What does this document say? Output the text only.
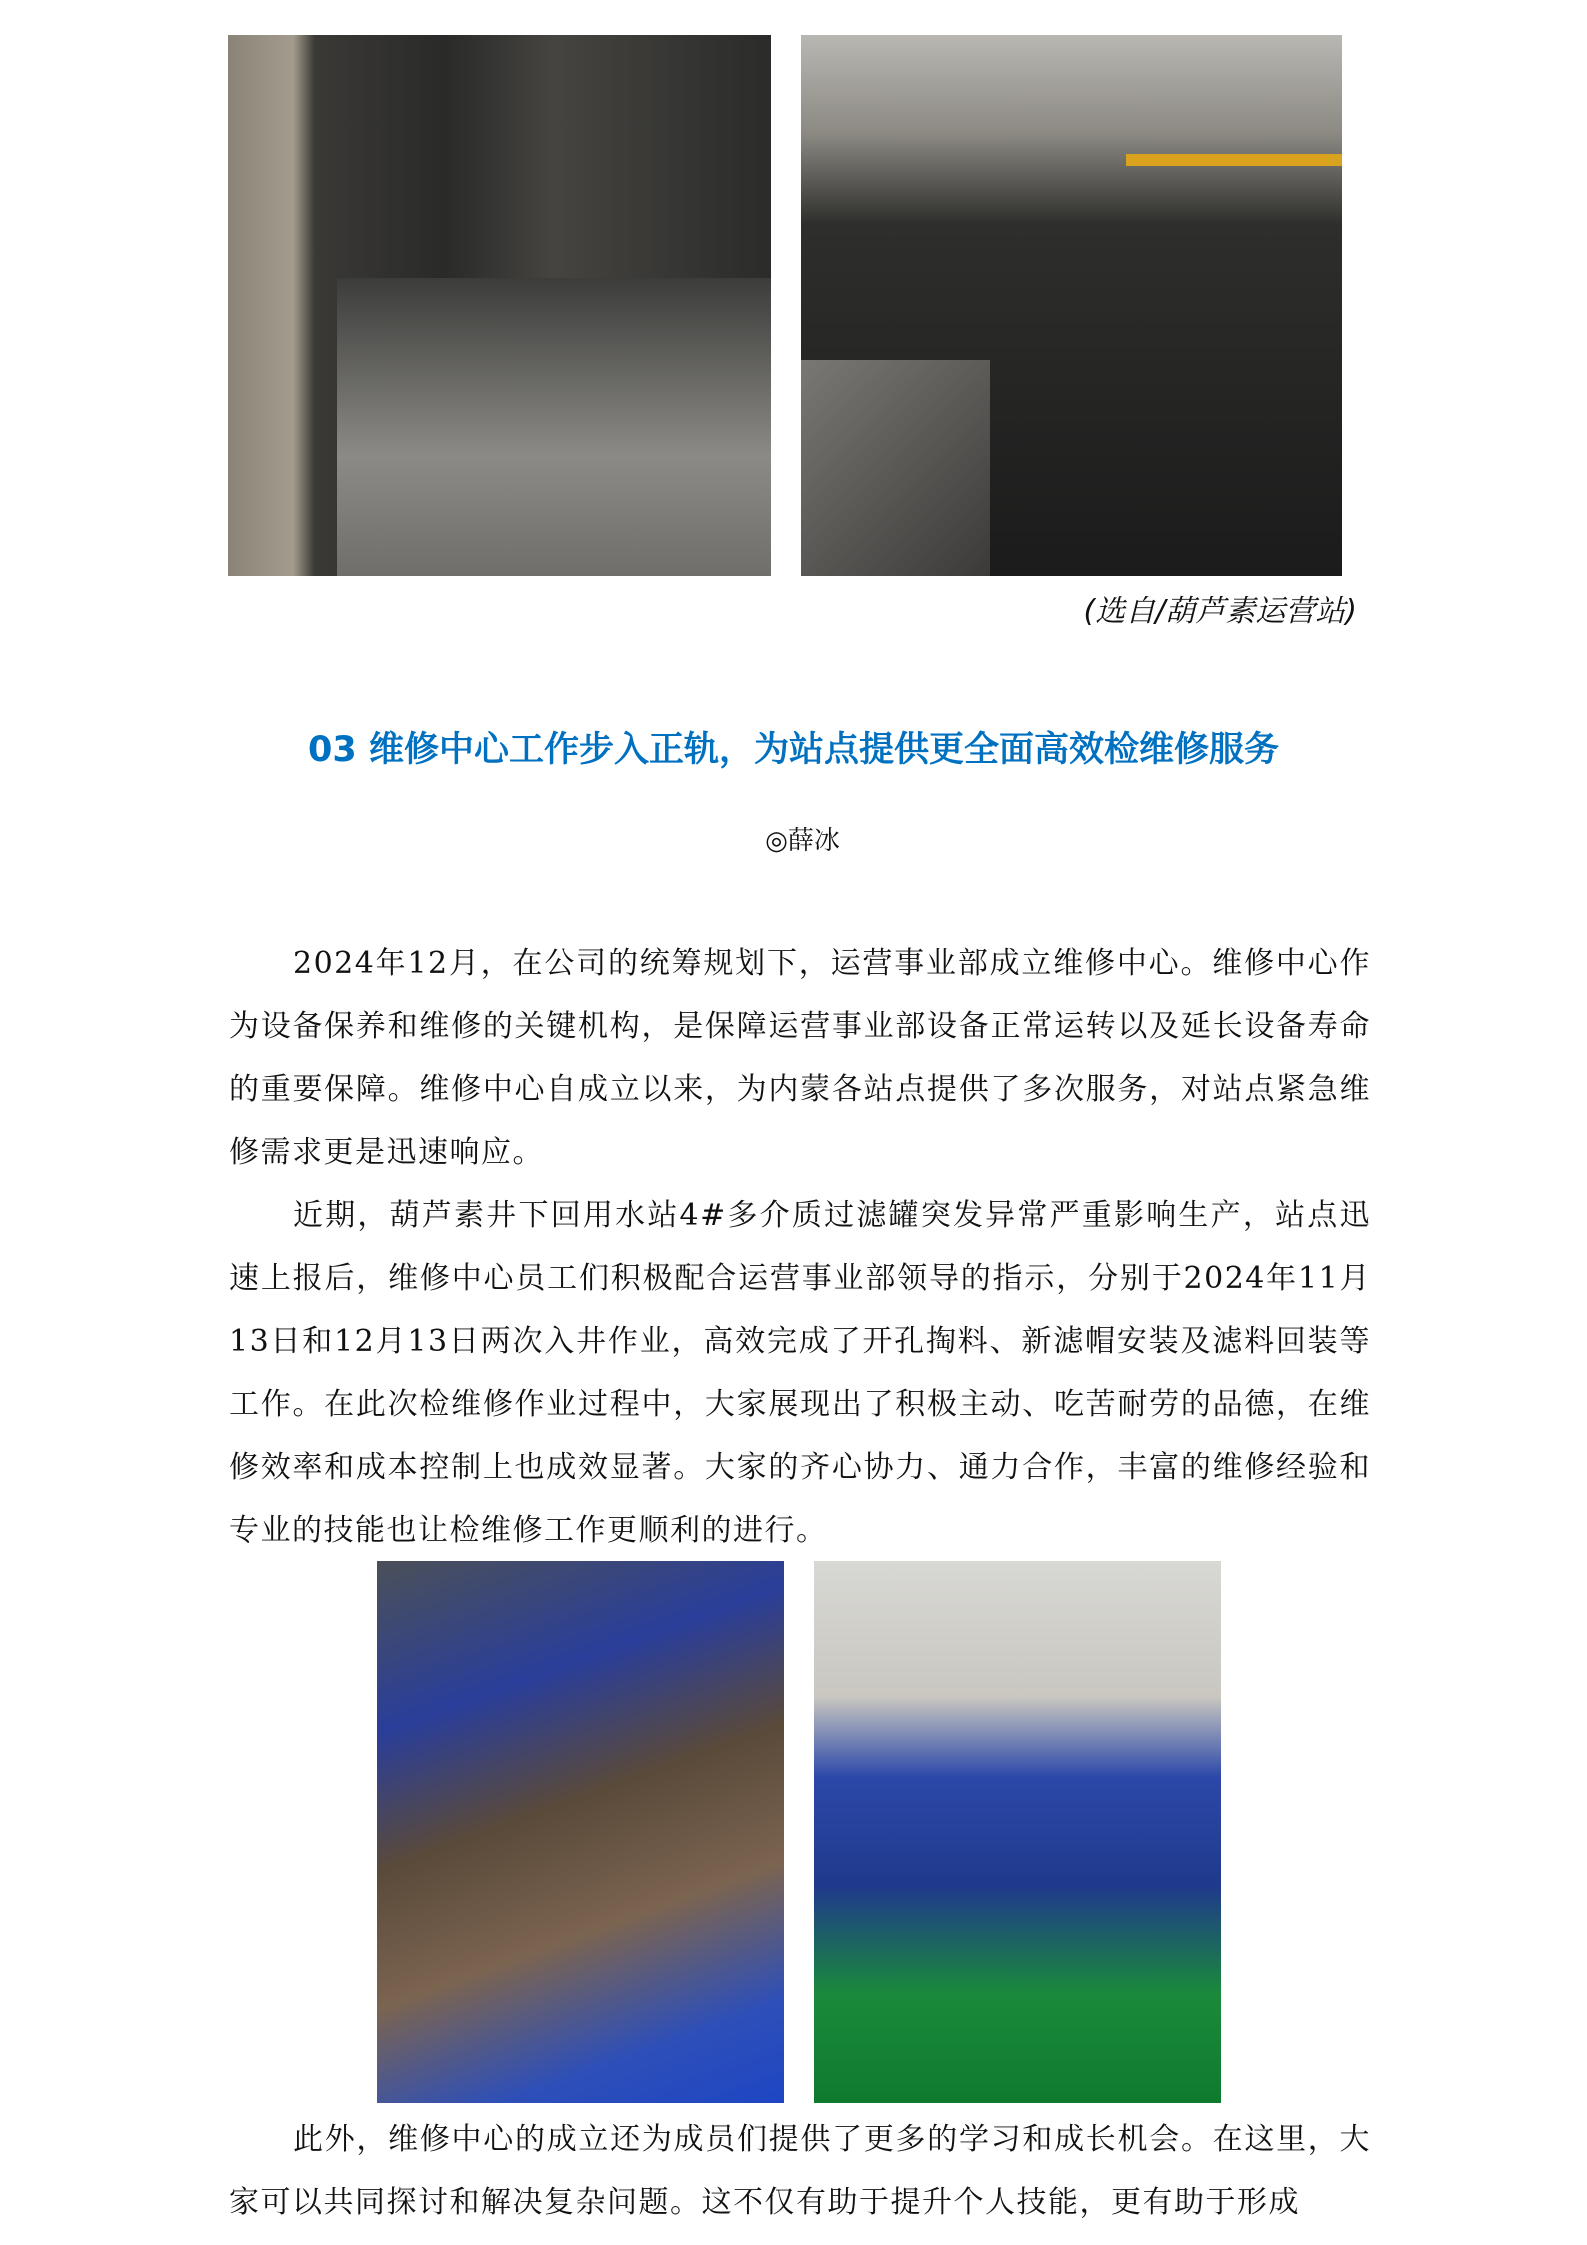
(选自/葫芦素运营站)
03 维修中心工作步入正轨，为站点提供更全面高效检维修服务
◎薛冰

2024年12月，在公司的统筹规划下，运营事业部成立维修中心。维修中心作为设备保养和维修的关键机构，是保障运营事业部设备正常运转以及延长设备寿命的重要保障。维修中心自成立以来，为内蒙各站点提供了多次服务，对站点紧急维修需求更是迅速响应。

近期，葫芦素井下回用水站4#多介质过滤罐突发异常严重影响生产，站点迅速上报后，维修中心员工们积极配合运营事业部领导的指示，分别于2024年11月13日和12月13日两次入井作业，高效完成了开孔掏料、新滤帽安装及滤料回装等工作。在此次检维修作业过程中，大家展现出了积极主动、吃苦耐劳的品德，在维修效率和成本控制上也成效显著。大家的齐心协力、通力合作，丰富的维修经验和专业的技能也让检维修工作更顺利的进行。

此外，维修中心的成立还为成员们提供了更多的学习和成长机会。在这里，大家可以共同探讨和解决复杂问题。这不仅有助于提升个人技能，更有助于形成
